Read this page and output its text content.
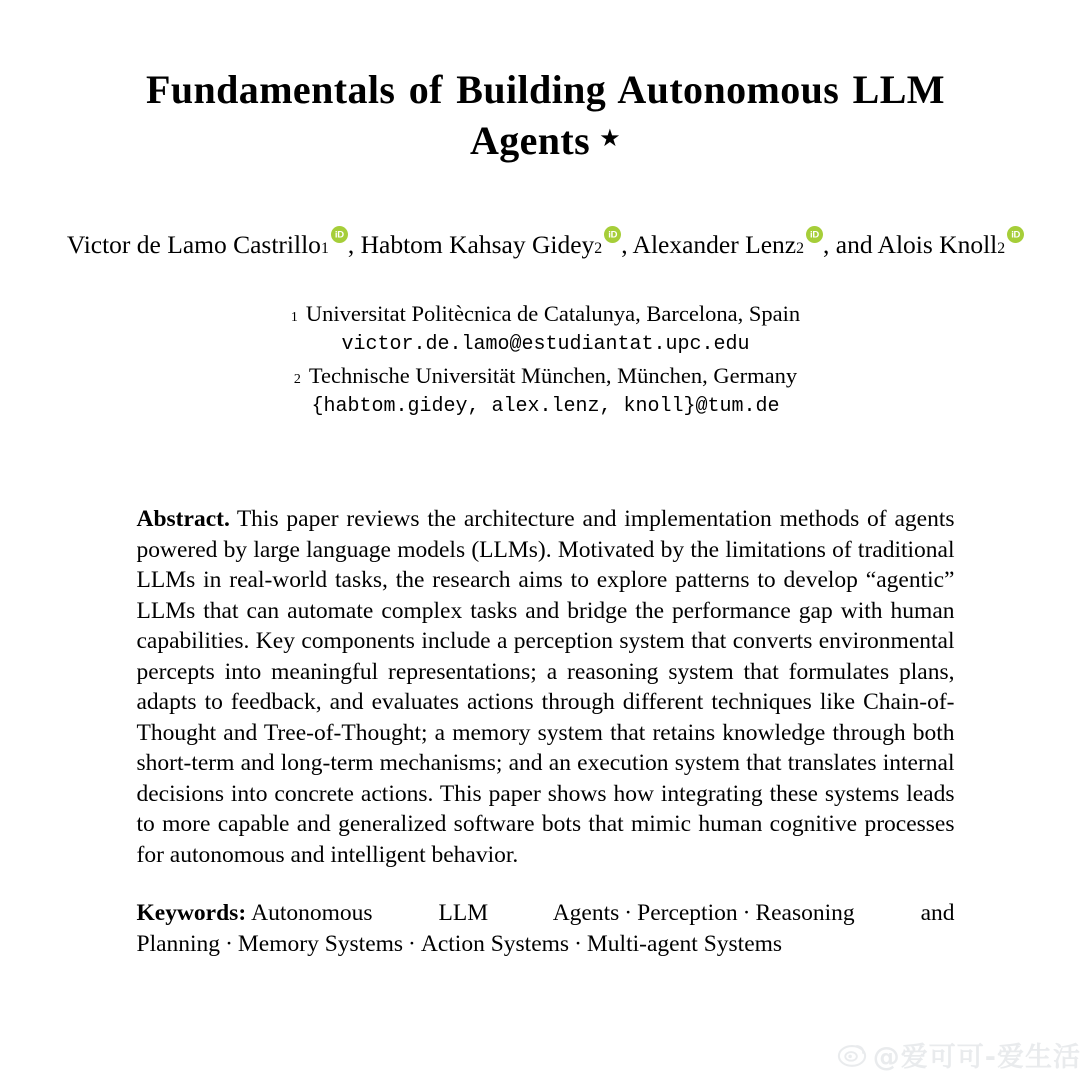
Fundamentals of Building Autonomous LLM Agents ★
Victor de Lamo Castrillo$^1$ iD , Habtom Kahsay Gidey$^2$ iD , Alexander Lenz$^2$ iD , and Alois Knoll$^2$iD
$^1$ Universitat Politècnica de Catalunya, Barcelona, Spain
victor.de.lamo@estudiantat.upc.edu
$^2$ Technische Universität München, München, Germany
{habtom.gidey, alex.lenz, knoll}@tum.de
Abstract. This paper reviews the architecture and implementation methods of agents powered by large language models (LLMs). Motivated by the limitations of traditional LLMs in real-world tasks, the research aims to explore patterns to develop “agentic” LLMs that can automate complex tasks and bridge the performance gap with human capabilities. Key components include a perception system that converts environmental percepts into meaningful representations; a reasoning system that formulates plans, adapts to feedback, and evaluates actions through different techniques like Chain-of-Thought and Tree-of-Thought; a memory system that retains knowledge through both short-term and long-term mechanisms; and an execution system that translates internal decisions into concrete actions. This paper shows how integrating these systems leads to more capable and generalized software bots that mimic human cognitive processes for autonomous and intelligent behavior.
Keywords: Autonomous LLM Agents · Perception · Reasoning and Planning · Memory Systems · Action Systems · Multi-agent Systems
@爱可可-爱生活
